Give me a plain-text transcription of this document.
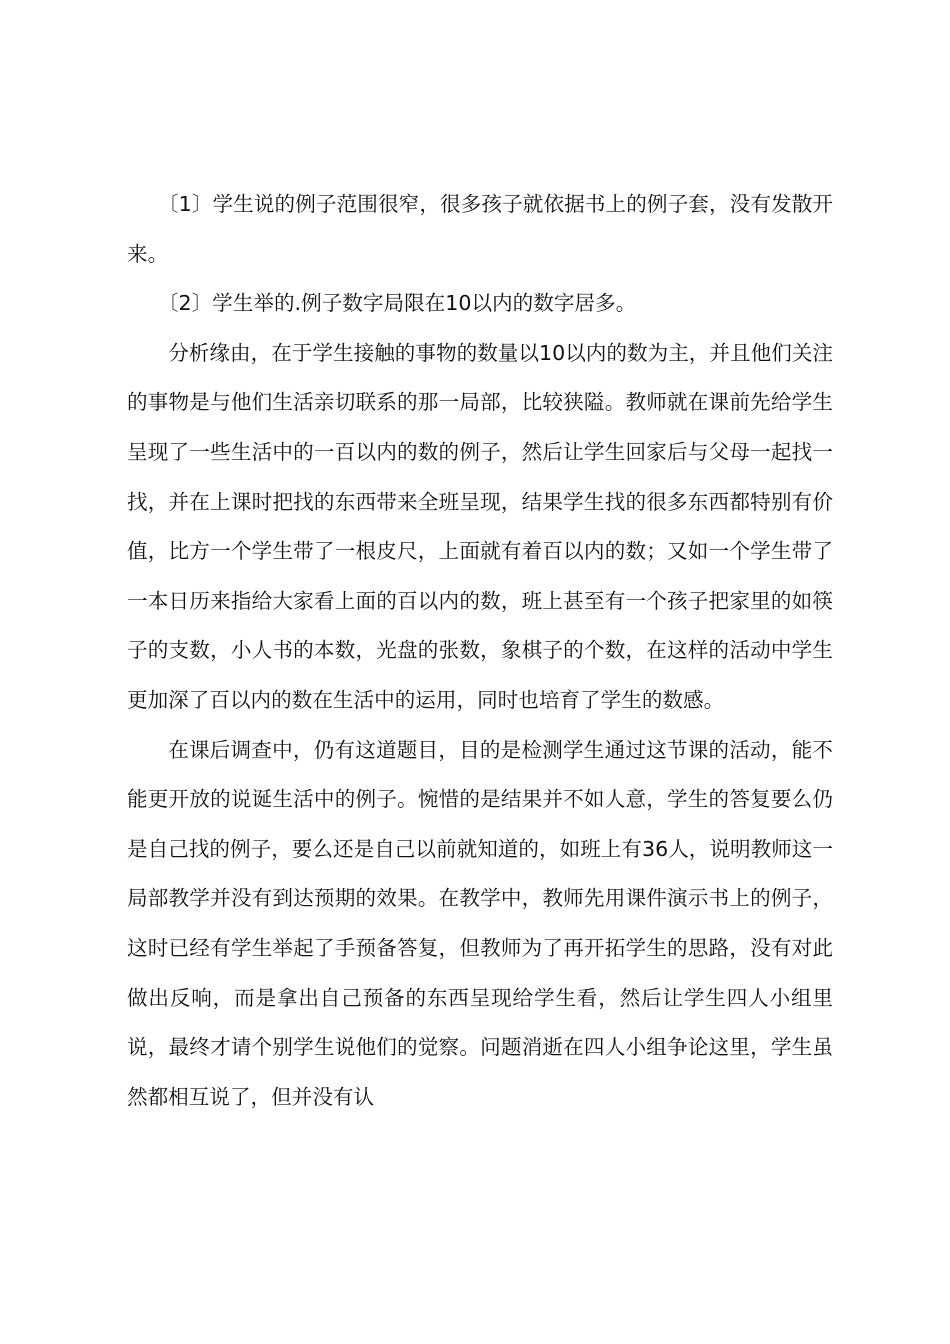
〔1〕学生说的例子范围很窄，很多孩子就依据书上的例子套，没有发散开来。

〔2〕学生举的.例子数字局限在10以内的数字居多。

分析缘由，在于学生接触的事物的数量以10以内的数为主，并且他们关注的事物是与他们生活亲切联系的那一局部，比较狭隘。教师就在课前先给学生呈现了一些生活中的一百以内的数的例子，然后让学生回家后与父母一起找一找，并在上课时把找的东西带来全班呈现，结果学生找的很多东西都特别有价值，比方一个学生带了一根皮尺，上面就有着百以内的数；又如一个学生带了一本日历来指给大家看上面的百以内的数，班上甚至有一个孩子把家里的如筷子的支数，小人书的本数，光盘的张数，象棋子的个数，在这样的活动中学生更加深了百以内的数在生活中的运用，同时也培育了学生的数感。

在课后调查中，仍有这道题目，目的是检测学生通过这节课的活动，能不能更开放的说诞生活中的例子。惋惜的是结果并不如人意，学生的答复要么仍是自己找的例子，要么还是自己以前就知道的，如班上有36人，说明教师这一局部教学并没有到达预期的效果。在教学中，教师先用课件演示书上的例子，这时已经有学生举起了手预备答复，但教师为了再开拓学生的思路，没有对此做出反响，而是拿出自己预备的东西呈现给学生看，然后让学生四人小组里说，最终才请个别学生说他们的觉察。问题消逝在四人小组争论这里，学生虽然都相互说了，但并没有认
